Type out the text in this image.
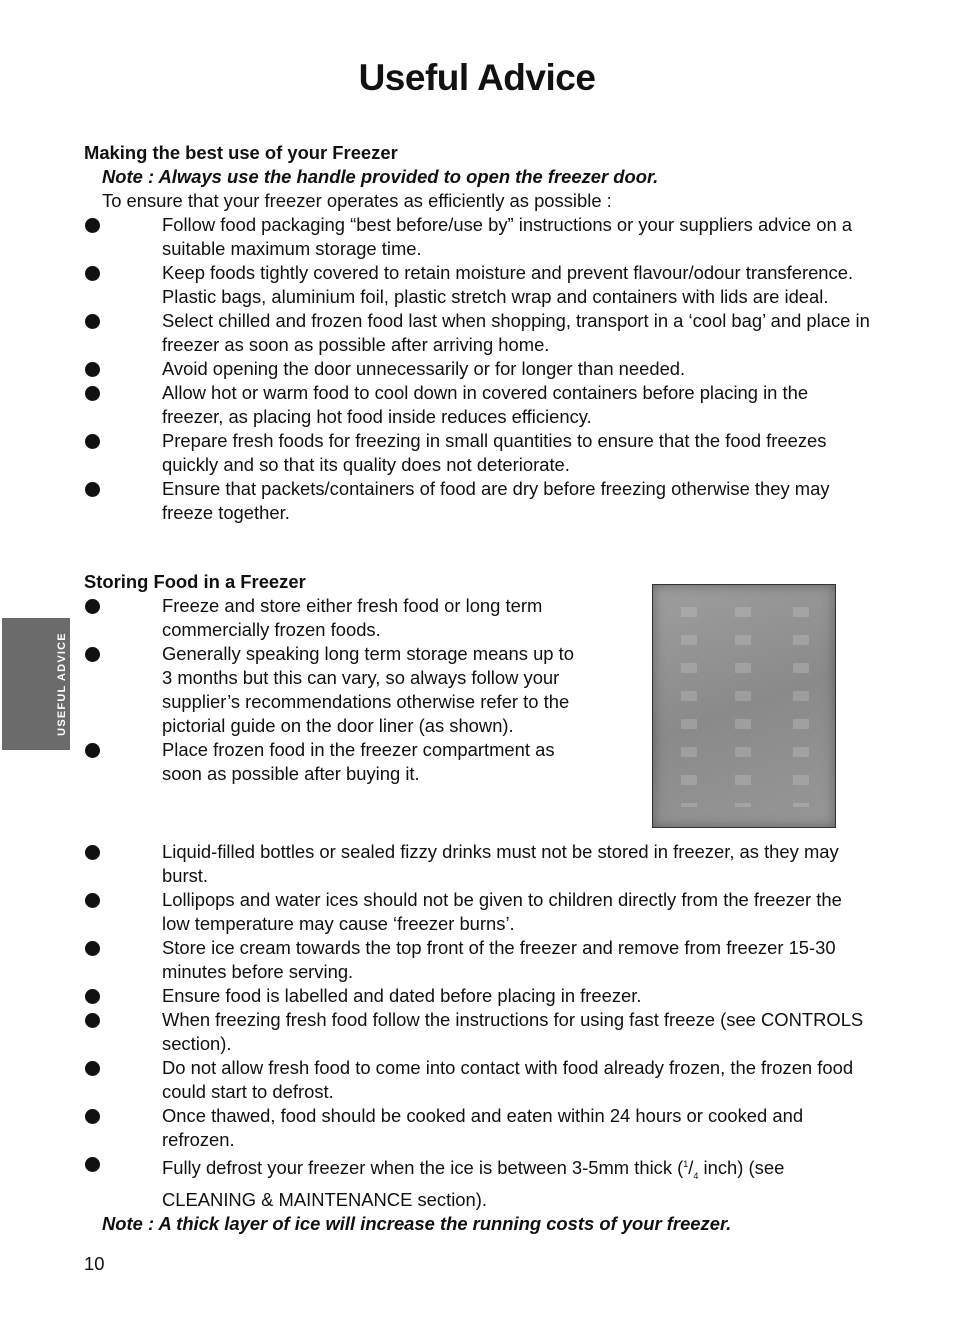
Useful Advice
USEFUL ADVICE
Making the best use of your Freezer
Note : Always use the handle provided to open the freezer door.
To ensure that your freezer operates as efficiently as possible :
Follow food packaging “best before/use by” instructions or your suppliers advice on a suitable maximum storage time.
Keep foods tightly covered to retain moisture and prevent flavour/odour transference. Plastic bags, aluminium foil, plastic stretch wrap and containers with lids are ideal.
Select chilled and frozen food last when shopping, transport in a ‘cool bag’ and place in freezer as soon as possible after arriving home.
Avoid opening the door unnecessarily or for longer than needed.
Allow hot or warm food to cool down in covered containers before placing in the freezer, as placing hot food inside reduces efficiency.
Prepare fresh foods for freezing in small quantities to ensure that the food freezes quickly and so that its quality does not deteriorate.
Ensure that packets/containers of food are dry before freezing otherwise they may freeze together.
Storing Food in a Freezer
Freeze and store either fresh food or long term commercially frozen foods.
Generally speaking long term storage means up to 3 months but this can vary, so always follow your supplier’s recommendations otherwise refer to the pictorial guide on the door liner (as shown).
Place frozen food in the freezer compartment as soon as possible after buying it.
Liquid-filled bottles or sealed fizzy drinks must not be stored in freezer, as they may burst.
Lollipops and water ices should not be given to children directly from the freezer the low temperature may cause ‘freezer burns’.
Store ice cream towards the top front of the freezer and remove from freezer 15-30 minutes before serving.
Ensure food is labelled and dated before placing in freezer.
When freezing fresh food follow the instructions for using fast freeze (see CONTROLS section).
Do not allow fresh food to come into contact with food already frozen, the frozen food could start to defrost.
Once thawed, food should be cooked and eaten within 24 hours or cooked and refrozen.
Fully defrost your freezer when the ice is between 3-5mm thick ($^1/_4$ inch) (see CLEANING & MAINTENANCE section).
Note : A thick layer of ice will increase the running costs of your freezer.
10
